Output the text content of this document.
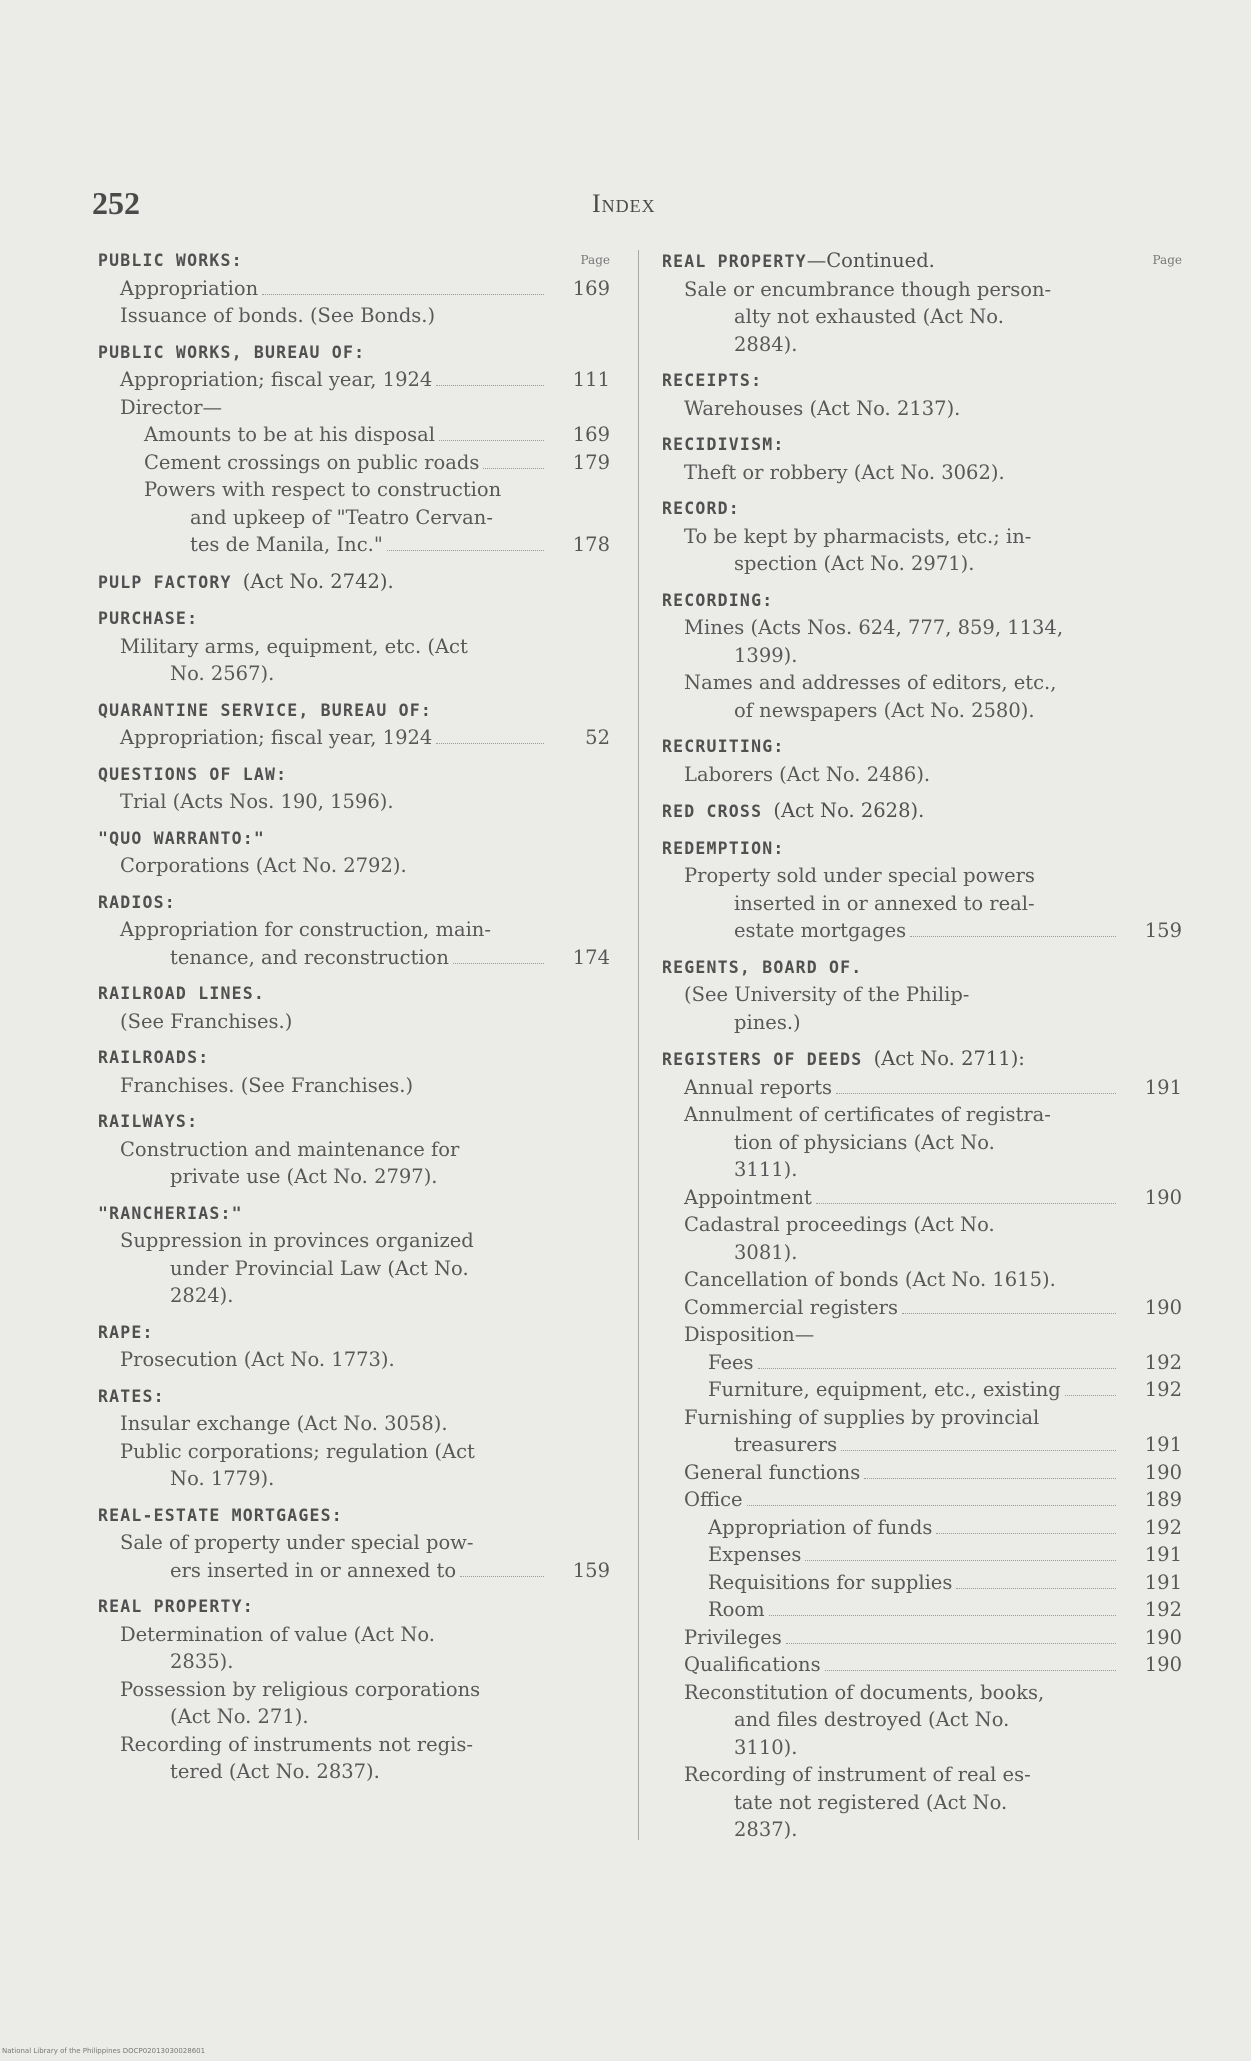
252	Index
Page
PUBLIC WORKS:
Appropriation	169
Issuance of bonds. (See Bonds.)
PUBLIC WORKS, BUREAU OF:
Appropriation; fiscal year, 1924	111
Director—
Amounts to be at his disposal	169
Cement crossings on public roads	179
Powers with respect to construction
and upkeep of "Teatro Cervan-
tes de Manila, Inc."	178
PULP FACTORY (Act No. 2742).
PURCHASE:
Military arms, equipment, etc. (Act
No. 2567).
QUARANTINE SERVICE, BUREAU OF:
Appropriation; fiscal year, 1924	52
QUESTIONS OF LAW:
Trial (Acts Nos. 190, 1596).
"QUO WARRANTO:"
Corporations (Act No. 2792).
RADIOS:
Appropriation for construction, main-
tenance, and reconstruction	174
RAILROAD LINES.
(See Franchises.)
RAILROADS:
Franchises. (See Franchises.)
RAILWAYS:
Construction and maintenance for
private use (Act No. 2797).
"RANCHERIAS:"
Suppression in provinces organized
under Provincial Law (Act No.
2824).
RAPE:
Prosecution (Act No. 1773).
RATES:
Insular exchange (Act No. 3058).
Public corporations; regulation (Act
No. 1779).
REAL-ESTATE MORTGAGES:
Sale of property under special pow-
ers inserted in or annexed to	159
REAL PROPERTY:
Determination of value (Act No.
2835).
Possession by religious corporations
(Act No. 271).
Recording of instruments not regis-
tered (Act No. 2837).
Page
REAL PROPERTY—Continued.
Sale or encumbrance though person-
alty not exhausted (Act No.
2884).
RECEIPTS:
Warehouses (Act No. 2137).
RECIDIVISM:
Theft or robbery (Act No. 3062).
RECORD:
To be kept by pharmacists, etc.; in-
spection (Act No. 2971).
RECORDING:
Mines (Acts Nos. 624, 777, 859, 1134,
1399).
Names and addresses of editors, etc.,
of newspapers (Act No. 2580).
RECRUITING:
Laborers (Act No. 2486).
RED CROSS (Act No. 2628).
REDEMPTION:
Property sold under special powers
inserted in or annexed to real-
estate mortgages	159
REGENTS, BOARD OF.
(See University of the Philip-
pines.)
REGISTERS OF DEEDS (Act No. 2711):
Annual reports	191
Annulment of certificates of registra-
tion of physicians (Act No.
3111).
Appointment	190
Cadastral proceedings (Act No.
3081).
Cancellation of bonds (Act No. 1615).
Commercial registers	190
Disposition—
Fees	192
Furniture, equipment, etc., existing	192
Furnishing of supplies by provincial
treasurers	191
General functions	190
Office	189
Appropriation of funds	192
Expenses	191
Requisitions for supplies	191
Room	192
Privileges	190
Qualifications	190
Reconstitution of documents, books,
and files destroyed (Act No.
3110).
Recording of instrument of real es-
tate not registered (Act No.
2837).
National Library of the Philippines DOCP02013030028601
